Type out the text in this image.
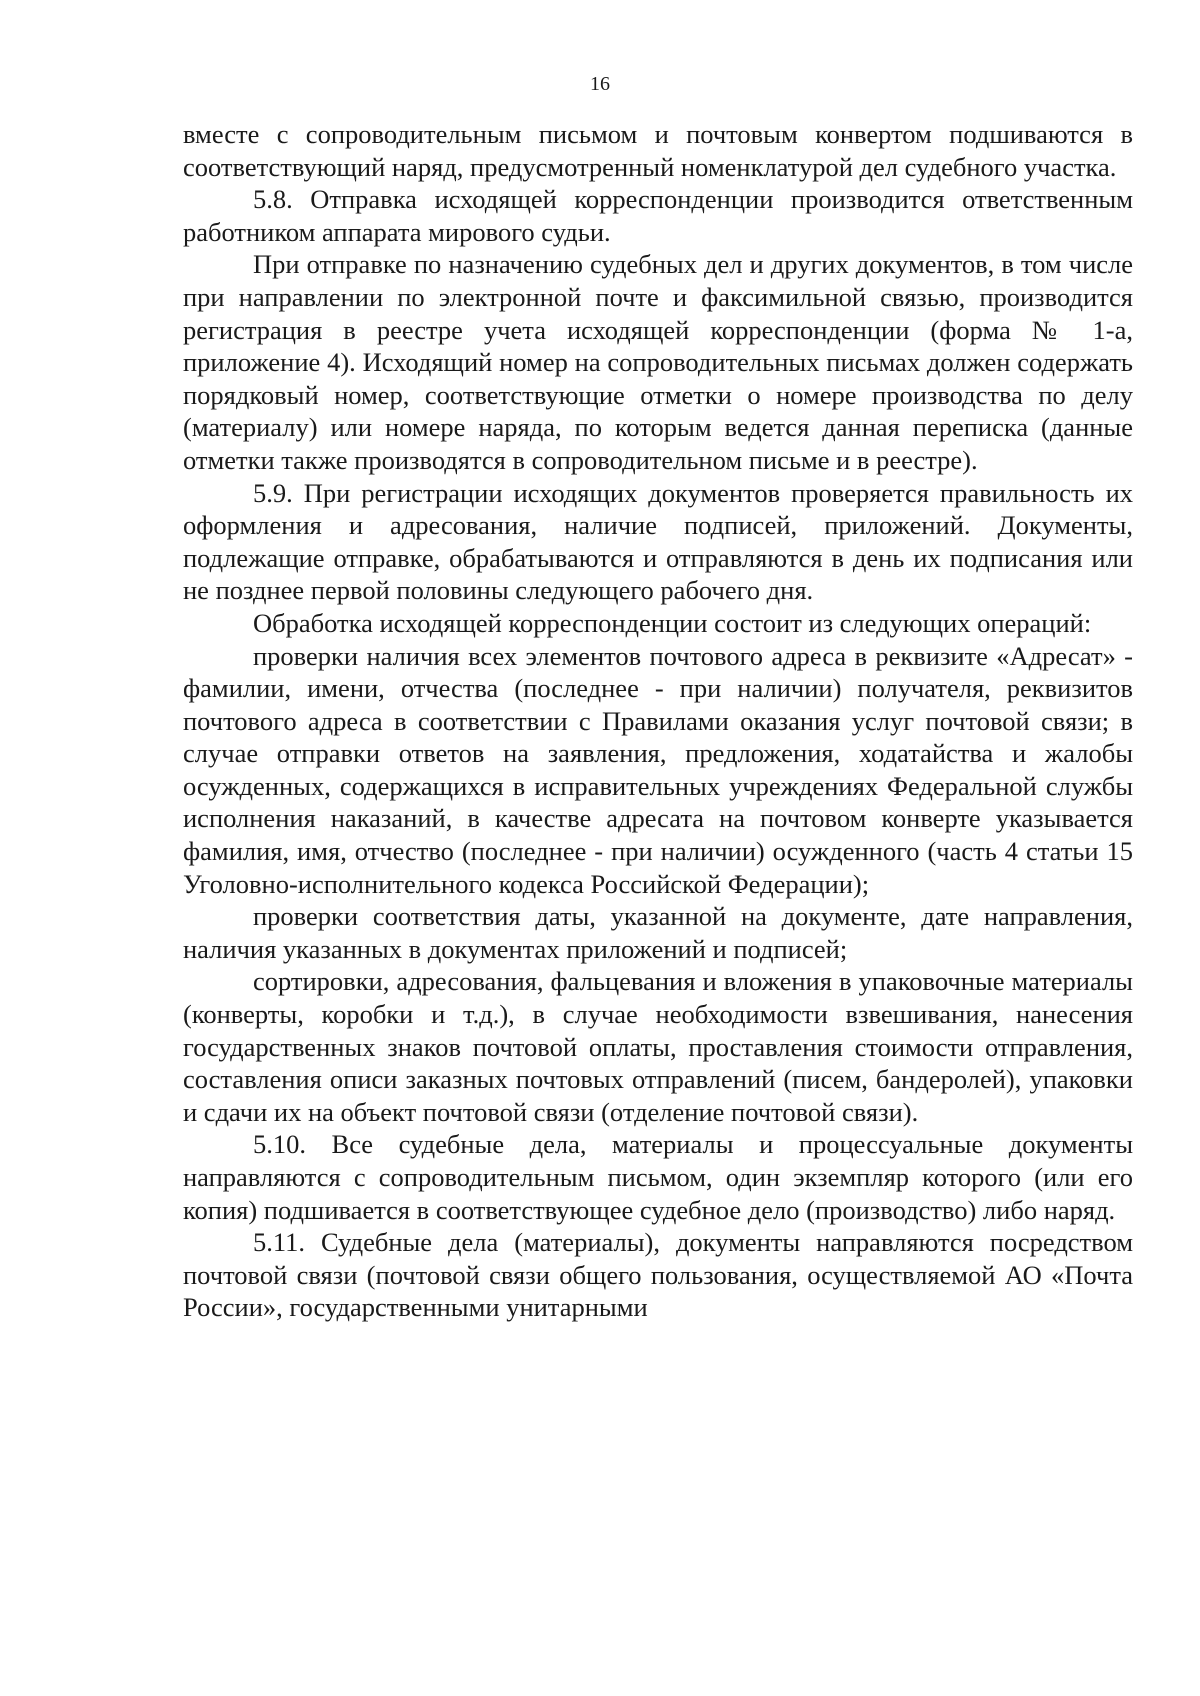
16

вместе с сопроводительным письмом и почтовым конвертом подшиваются в соответствующий наряд, предусмотренный номенклатурой дел судебного участка.

5.8. Отправка исходящей корреспонденции производится ответственным работником аппарата мирового судьи.

При отправке по назначению судебных дел и других документов, в том числе при направлении по электронной почте и факсимильной связью, производится регистрация в реестре учета исходящей корреспонденции (форма № 1-а, приложение 4). Исходящий номер на сопроводительных письмах должен содержать порядковый номер, соответствующие отметки о номере производства по делу (материалу) или номере наряда, по которым ведется данная переписка (данные отметки также производятся в сопроводительном письме и в реестре).

5.9. При регистрации исходящих документов проверяется правильность их оформления и адресования, наличие подписей, приложений. Документы, подлежащие отправке, обрабатываются и отправляются в день их подписания или не позднее первой половины следующего рабочего дня.

Обработка исходящей корреспонденции состоит из следующих операций:

проверки наличия всех элементов почтового адреса в реквизите «Адресат» - фамилии, имени, отчества (последнее - при наличии) получателя, реквизитов почтового адреса в соответствии с Правилами оказания услуг почтовой связи; в случае отправки ответов на заявления, предложения, ходатайства и жалобы осужденных, содержащихся в исправительных учреждениях Федеральной службы исполнения наказаний, в качестве адресата на почтовом конверте указывается фамилия, имя, отчество (последнее - при наличии) осужденного (часть 4 статьи 15 Уголовно-исполнительного кодекса Российской Федерации);

проверки соответствия даты, указанной на документе, дате направления, наличия указанных в документах приложений и подписей;

сортировки, адресования, фальцевания и вложения в упаковочные материалы (конверты, коробки и т.д.), в случае необходимости взвешивания, нанесения государственных знаков почтовой оплаты, проставления стоимости отправления, составления описи заказных почтовых отправлений (писем, бандеролей), упаковки и сдачи их на объект почтовой связи (отделение почтовой связи).

5.10. Все судебные дела, материалы и процессуальные документы направляются с сопроводительным письмом, один экземпляр которого (или его копия) подшивается в соответствующее судебное дело (производство) либо наряд.

5.11. Судебные дела (материалы), документы направляются посредством почтовой связи (почтовой связи общего пользования, осуществляемой АО «Почта России», государственными унитарными
